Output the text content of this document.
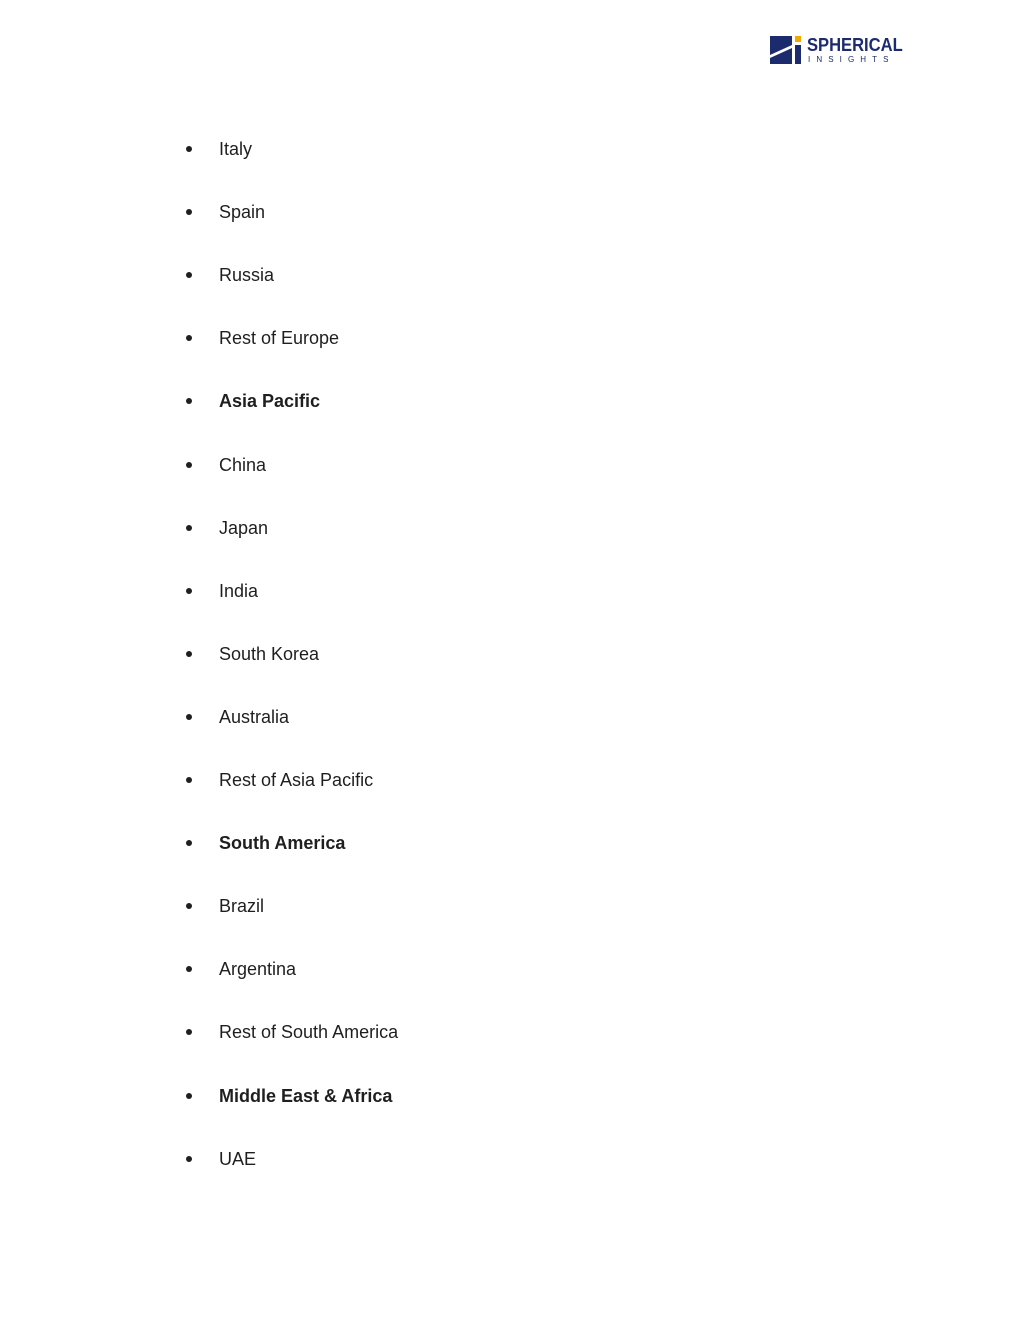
SPHERICAL
INSIGHTS
Italy
Spain
Russia
Rest of Europe
Asia Pacific
China
Japan
India
South Korea
Australia
Rest of Asia Pacific
South America
Brazil
Argentina
Rest of South America
Middle East & Africa
UAE
